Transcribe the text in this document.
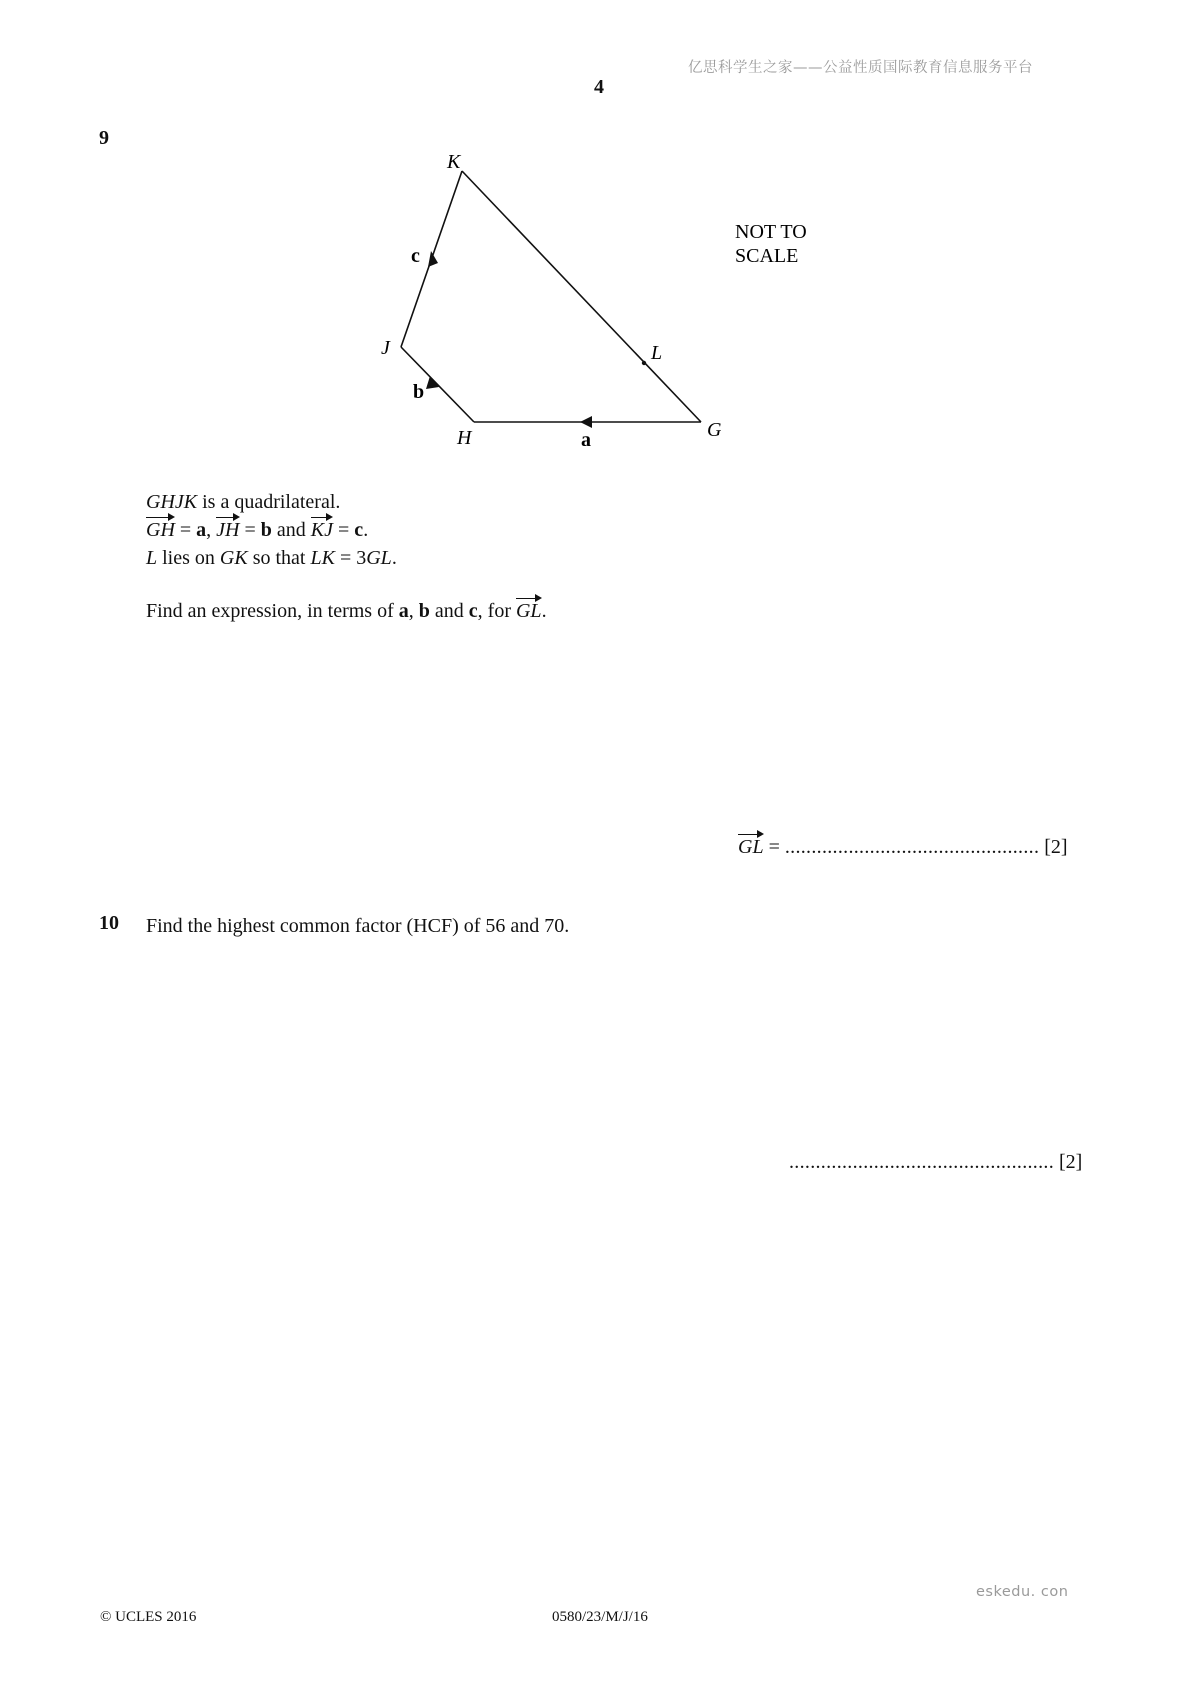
亿思科学生之家——公益性质国际教育信息服务平台
4
9
K
J
H	G
L
c
b
a
NOT TO
SCALE
GHJK is a quadrilateral.
GH = a, JH = b and KJ = c.
L lies on GK so that LK = 3GL.
Find an expression, in terms of a, b and c, for GL.
GL = ................................................ [2]
10 Find the highest common factor (HCF) of 56 and 70.
.................................................. [2]
eskedu. con
© UCLES 2016	0580/23/M/J/16
